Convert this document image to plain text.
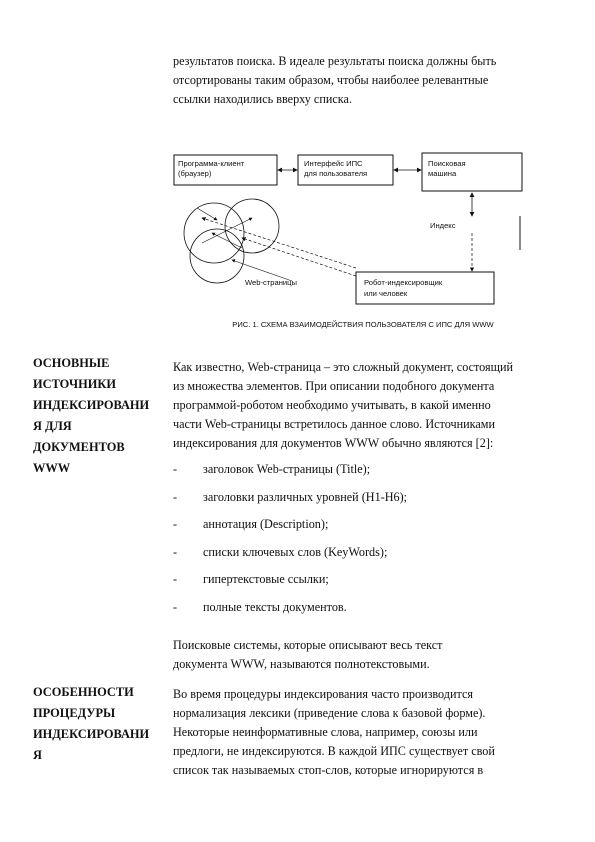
результатов поиска. В идеале результаты поиска должны быть
отсортированы таким образом, чтобы наиболее релевантные
ссылки находились вверху списка.
Программа-клиент
(браузер)
Интерфейс ИПС
для пользователя
Поисковая
машина
Индекс
Web-страницы	Робот-индексировщик
или человек
РИС. 1. СХЕМА ВЗАИМОДЕЙСТВИЯ ПОЛЬЗОВАТЕЛЯ С ИПС ДЛЯ WWW
ОСНОВНЫЕ
ИСТОЧНИКИ
ИНДЕКСИРОВАНИ
Я ДЛЯ
ДОКУМЕНТОВ
WWW
Как известно, Web-страница – это сложный документ, состоящий
из множества элементов. При описании подобного документа
программой-роботом необходимо учитывать, в какой именно
части Web-страницы встретилось данное слово. Источниками
индексирования для документов WWW обычно являются [2]:
-	заголовок Web-страницы (Title);
-	заголовки различных уровней (H1-H6);
-	аннотация (Description);
-	списки ключевых слов (KeyWords);
-	гипертекстовые ссылки;
-	полные тексты документов.
Поисковые системы, которые описывают весь текст
документа WWW, называются полнотекстовыми.
ОСОБЕННОСТИ
ПРОЦЕДУРЫ
ИНДЕКСИРОВАНИ
Я
Во время процедуры индексирования часто производится
нормализация лексики (приведение слова к базовой форме).
Некоторые неинформативные слова, например, союзы или
предлоги, не индексируются. В каждой ИПС существует свой
список так называемых стоп-слов, которые игнорируются в
